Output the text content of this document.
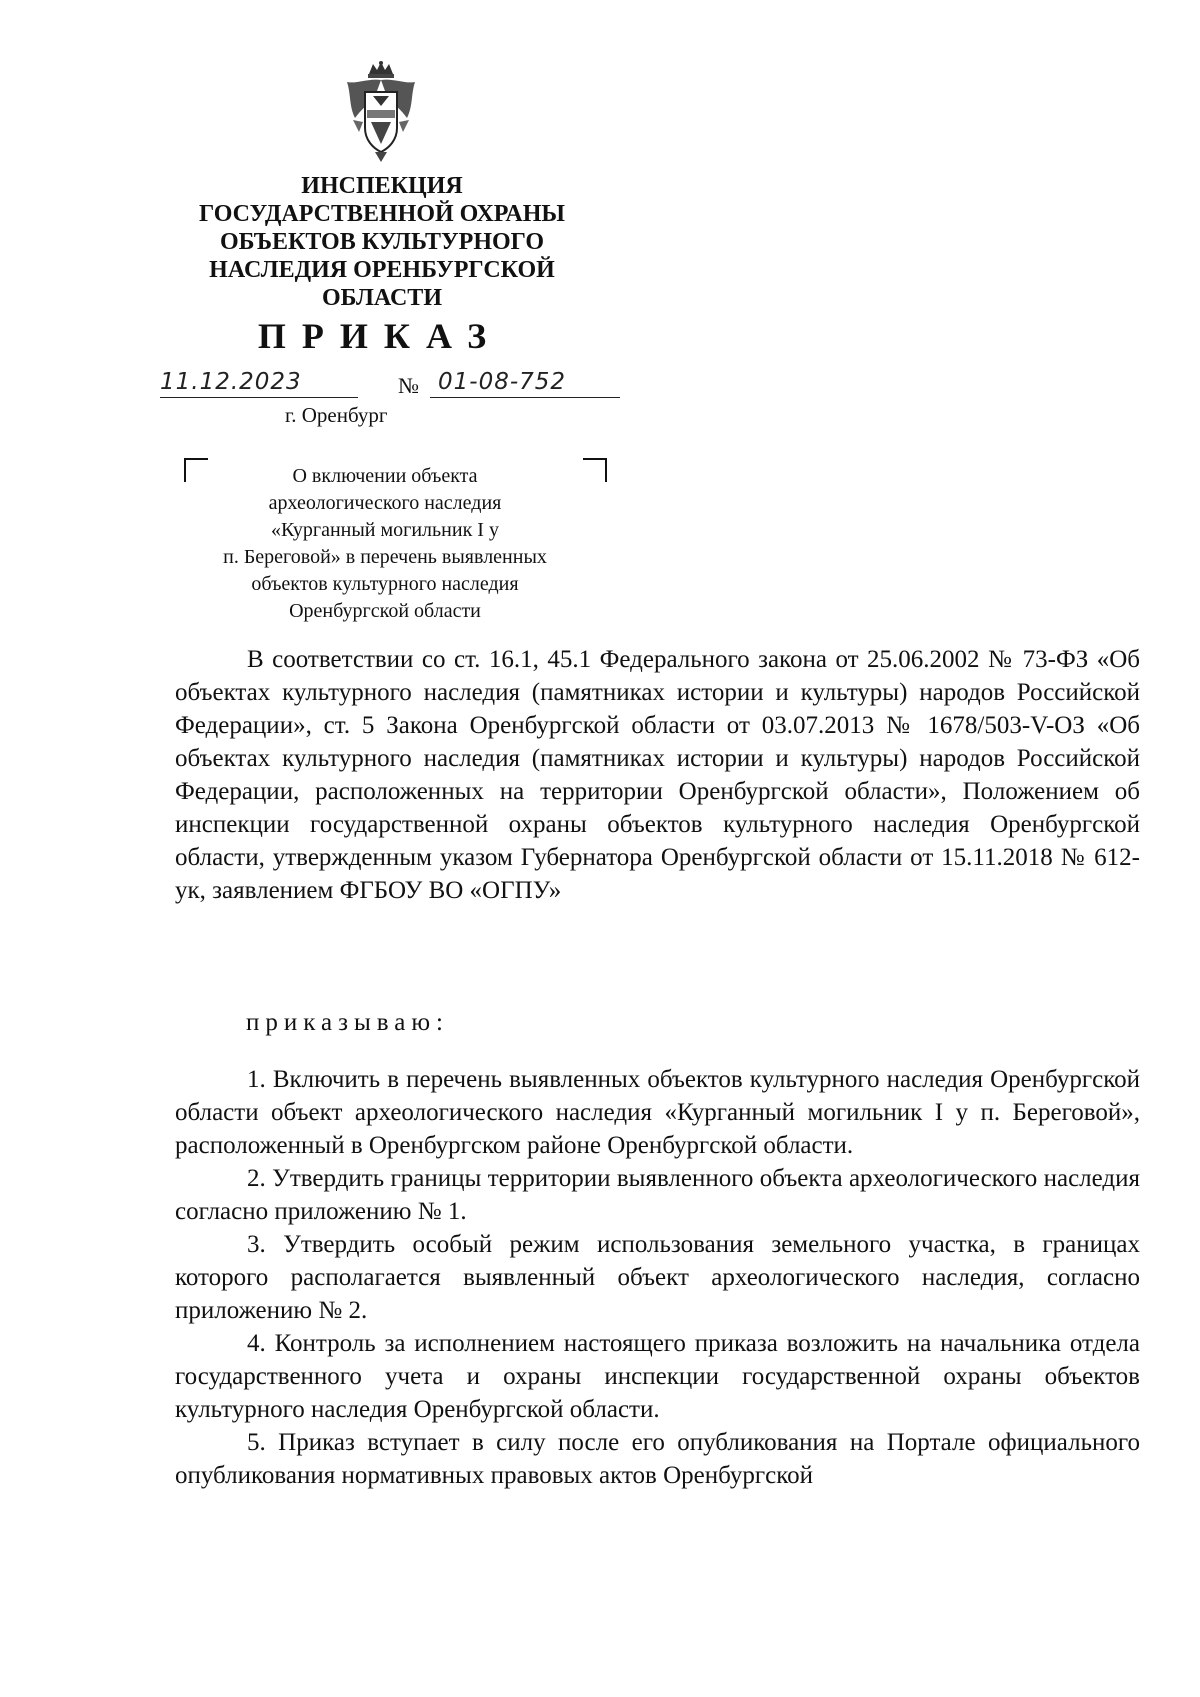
ИНСПЕКЦИЯ
ГОСУДАРСТВЕННОЙ ОХРАНЫ
ОБЪЕКТОВ КУЛЬТУРНОГО
НАСЛЕДИЯ ОРЕНБУРГСКОЙ
ОБЛАСТИ
ПРИКАЗ
11.12.2023	№ 01-08-752
г. Оренбург
О включении объекта
археологического наследия
«Курганный могильник I у
п. Береговой» в перечень выявленных
объектов культурного наследия
Оренбургской области
В соответствии со ст. 16.1, 45.1 Федерального закона от 25.06.2002 № 73-ФЗ «Об объектах культурного наследия (памятниках истории и культуры) народов Российской Федерации», ст. 5 Закона Оренбургской области от 03.07.2013 № 1678/503-V-ОЗ «Об объектах культурного наследия (памятниках истории и культуры) народов Российской Федерации, расположенных на территории Оренбургской области», Положением об инспекции государственной охраны объектов культурного наследия Оренбургской области, утвержденным указом Губернатора Оренбургской области от 15.11.2018 № 612-ук, заявлением ФГБОУ ВО «ОГПУ»
приказываю:

1. Включить в перечень выявленных объектов культурного наследия Оренбургской области объект археологического наследия «Курганный могильник I у п. Береговой», расположенный в Оренбургском районе Оренбургской области.

2. Утвердить границы территории выявленного объекта археологического наследия согласно приложению № 1.

3. Утвердить особый режим использования земельного участка, в границах которого располагается выявленный объект археологического наследия, согласно приложению № 2.

4. Контроль за исполнением настоящего приказа возложить на начальника отдела государственного учета и охраны инспекции государственной охраны объектов культурного наследия Оренбургской области.

5. Приказ вступает в силу после его опубликования на Портале официального опубликования нормативных правовых актов Оренбургской
